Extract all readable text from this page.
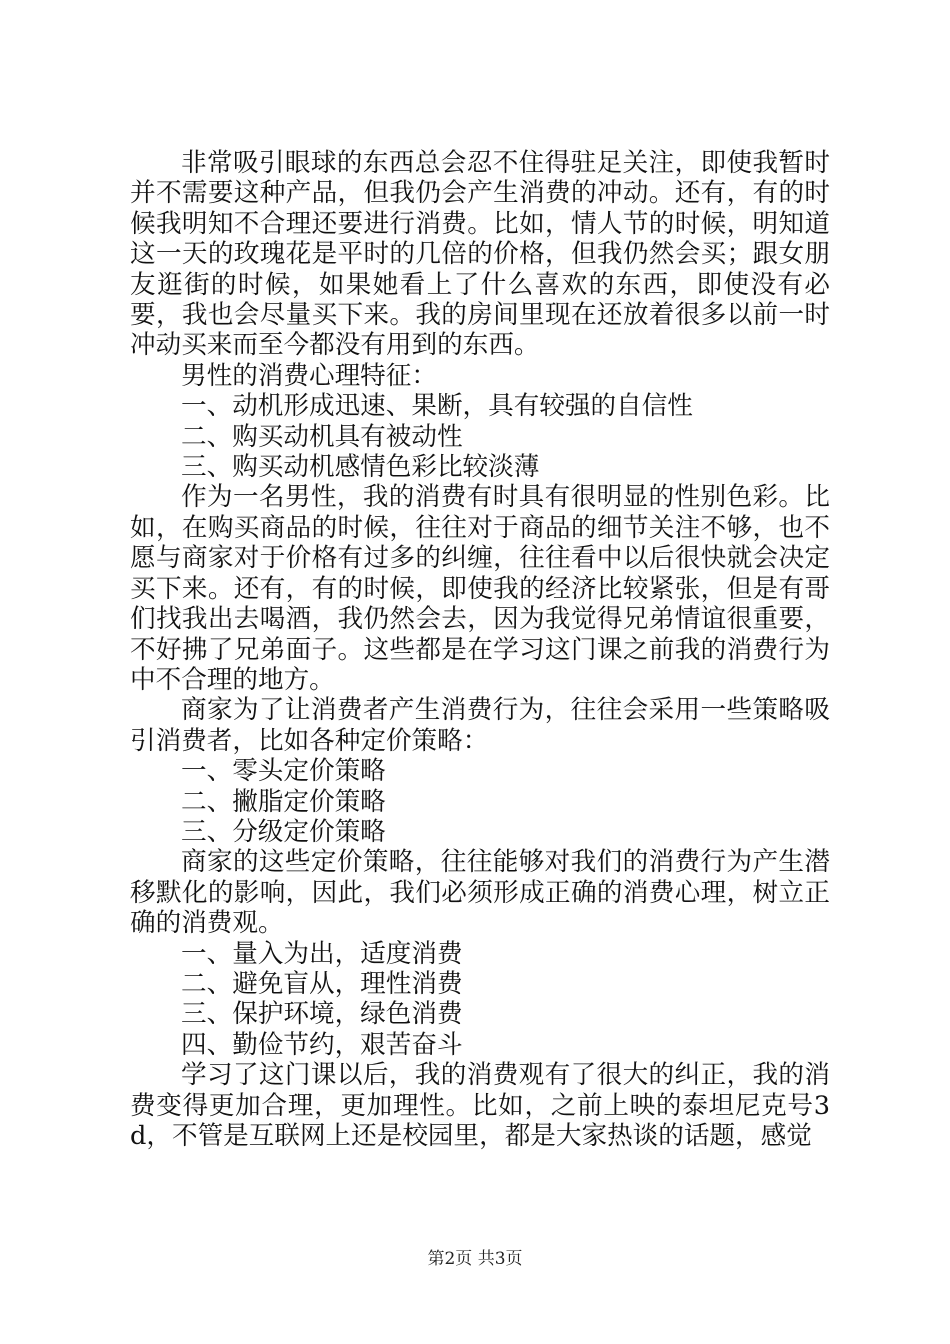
非常吸引眼球的东西总会忍不住得驻足关注，即使我暂时并不需要这种产品，但我仍会产生消费的冲动。还有，有的时候我明知不合理还要进行消费。比如，情人节的时候，明知道这一天的玫瑰花是平时的几倍的价格，但我仍然会买；跟女朋友逛街的时候，如果她看上了什么喜欢的东西，即使没有必要，我也会尽量买下来。我的房间里现在还放着很多以前一时冲动买来而至今都没有用到的东西。

男性的消费心理特征：

一、动机形成迅速、果断，具有较强的自信性

二、购买动机具有被动性

三、购买动机感情色彩比较淡薄

作为一名男性，我的消费有时具有很明显的性别色彩。比如，在购买商品的时候，往往对于商品的细节关注不够，也不愿与商家对于价格有过多的纠缠，往往看中以后很快就会决定买下来。还有，有的时候，即使我的经济比较紧张，但是有哥们找我出去喝酒，我仍然会去，因为我觉得兄弟情谊很重要，不好拂了兄弟面子。这些都是在学习这门课之前我的消费行为中不合理的地方。

商家为了让消费者产生消费行为，往往会采用一些策略吸引消费者，比如各种定价策略：

一、零头定价策略

二、撇脂定价策略

三、分级定价策略

商家的这些定价策略，往往能够对我们的消费行为产生潜移默化的影响，因此，我们必须形成正确的消费心理，树立正确的消费观。

一、量入为出，适度消费

二、避免盲从，理性消费

三、保护环境，绿色消费

四、勤俭节约，艰苦奋斗

学习了这门课以后，我的消费观有了很大的纠正，我的消费变得更加合理，更加理性。比如，之前上映的泰坦尼克号3d，不管是互联网上还是校园里，都是大家热谈的话题，感觉

第2页 共3页
